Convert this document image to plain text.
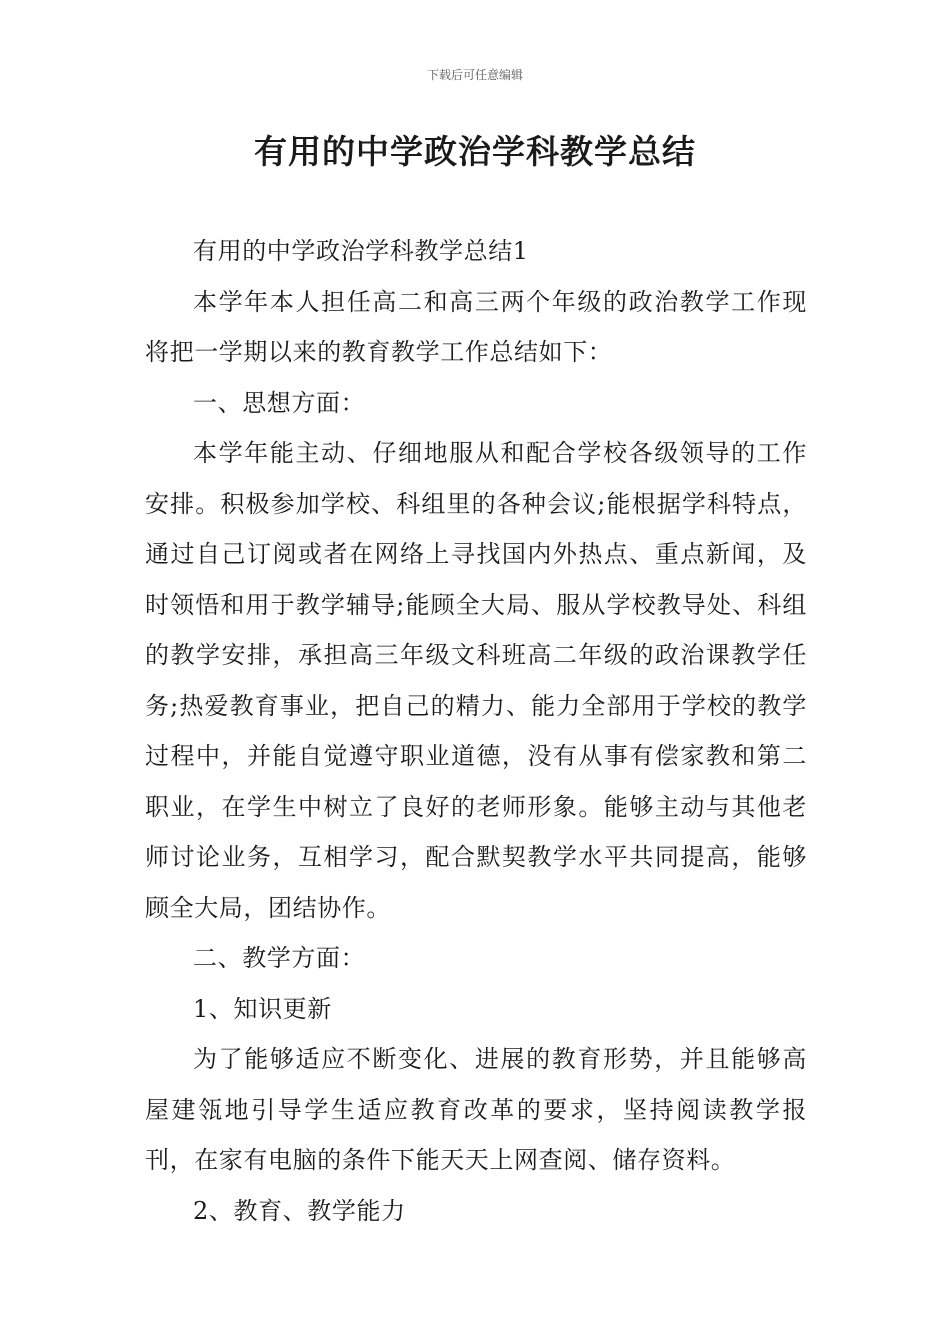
下载后可任意编辑
有用的中学政治学科教学总结

有用的中学政治学科教学总结1

本学年本人担任高二和高三两个年级的政治教学工作现将把一学期以来的教育教学工作总结如下：

一、思想方面：

本学年能主动、仔细地服从和配合学校各级领导的工作安排。积极参加学校、科组里的各种会议;能根据学科特点，通过自己订阅或者在网络上寻找国内外热点、重点新闻，及时领悟和用于教学辅导;能顾全大局、服从学校教导处、科组的教学安排，承担高三年级文科班高二年级的政治课教学任务;热爱教育事业，把自己的精力、能力全部用于学校的教学过程中，并能自觉遵守职业道德，没有从事有偿家教和第二职业，在学生中树立了良好的老师形象。能够主动与其他老师讨论业务，互相学习，配合默契教学水平共同提高，能够顾全大局，团结协作。

二、教学方面：

1、知识更新

为了能够适应不断变化、进展的教育形势，并且能够高屋建瓴地引导学生适应教育改革的要求，坚持阅读教学报刊，在家有电脑的条件下能天天上网查阅、储存资料。

2、教育、教学能力
